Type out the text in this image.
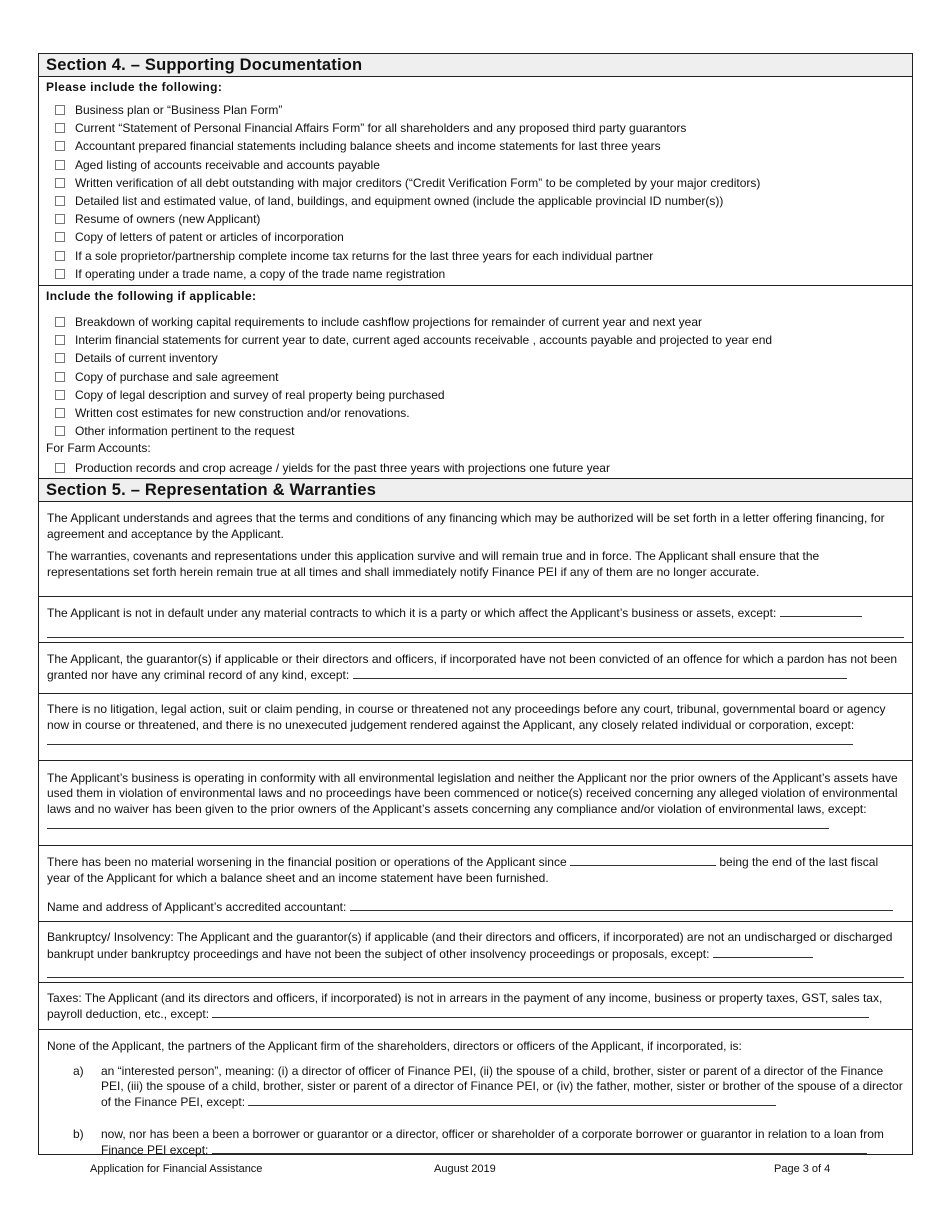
Section 4. – Supporting Documentation
Please include the following:
Business plan or “Business Plan Form”
Current “Statement of Personal Financial Affairs Form” for all shareholders and any proposed third party guarantors
Accountant prepared financial statements including balance sheets and income statements for last three years
Aged listing of accounts receivable and accounts payable
Written verification of all debt outstanding with major creditors (“Credit Verification Form” to be completed by your major creditors)
Detailed list and estimated value, of land, buildings, and equipment owned (include the applicable provincial ID number(s))
Resume of owners (new Applicant)
Copy of letters of patent or articles of incorporation
If a sole proprietor/partnership complete income tax returns for the last three years for each individual partner
If operating under a trade name, a copy of the trade name registration
Include the following if applicable:
Breakdown of working capital requirements to include cashflow projections for remainder of current year and next year
Interim financial statements for current year to date, current aged accounts receivable , accounts payable and projected to year end
Details of current inventory
Copy of purchase and sale agreement
Copy of legal description and survey of real property being purchased
Written cost estimates for new construction and/or renovations.
Other information pertinent to the request
For Farm Accounts:
Production records and crop acreage / yields for the past three years with projections one future year
Section 5. – Representation & Warranties

The Applicant understands and agrees that the terms and conditions of any financing which may be authorized will be set forth in a letter offering financing, for agreement and acceptance by the Applicant.

The warranties, covenants and representations under this application survive and will remain true and in force. The Applicant shall ensure that the representations set forth herein remain true at all times and shall immediately notify Finance PEI if any of them are no longer accurate.

The Applicant is not in default under any material contracts to which it is a party or which affect the Applicant’s business or assets, except:
The Applicant, the guarantor(s) if applicable or their directors and officers, if incorporated have not been convicted of an offence for which a pardon has not been granted nor have any criminal record of any kind, except:
There is no litigation, legal action, suit or claim pending, in course or threatened not any proceedings before any court, tribunal, governmental board or agency now in course or threatened, and there is no unexecuted judgement rendered against the Applicant, any closely related individual or corporation, except:
The Applicant’s business is operating in conformity with all environmental legislation and neither the Applicant nor the prior owners of the Applicant’s assets have used them in violation of environmental laws and no proceedings have been commenced or notice(s) received concerning any alleged violation of environmental laws and no waiver has been given to the prior owners of the Applicant’s assets concerning any compliance and/or violation of environmental laws, except:
There has been no material worsening in the financial position or operations of the Applicant since	being the end of the last fiscal year of the Applicant for which a balance sheet and an income statement have been furnished.
Name and address of Applicant’s accredited accountant:
Bankruptcy/ Insolvency: The Applicant and the guarantor(s) if applicable (and their directors and officers, if incorporated) are not an undischarged or discharged bankrupt under bankruptcy proceedings and have not been the subject of other insolvency proceedings or proposals, except:
Taxes: The Applicant (and its directors and officers, if incorporated) is not in arrears in the payment of any income, business or property taxes, GST, sales tax, payroll deduction, etc., except:
None of the Applicant, the partners of the Applicant firm of the shareholders, directors or officers of the Applicant, if incorporated, is:
a)	an “interested person”, meaning: (i) a director of officer of Finance PEI, (ii) the spouse of a child, brother, sister or parent of a director of the Finance PEI, (iii) the spouse of a child, brother, sister or parent of a director of Finance PEI, or (iv) the father, mother, sister or brother of the spouse of a director of the Finance PEI, except:
b)	now, nor has been a been a borrower or guarantor or a director, officer or shareholder of a corporate borrower or guarantor in relation to a loan from Finance PEI except:
Application for Financial Assistance	August 2019	Page 3 of 4
